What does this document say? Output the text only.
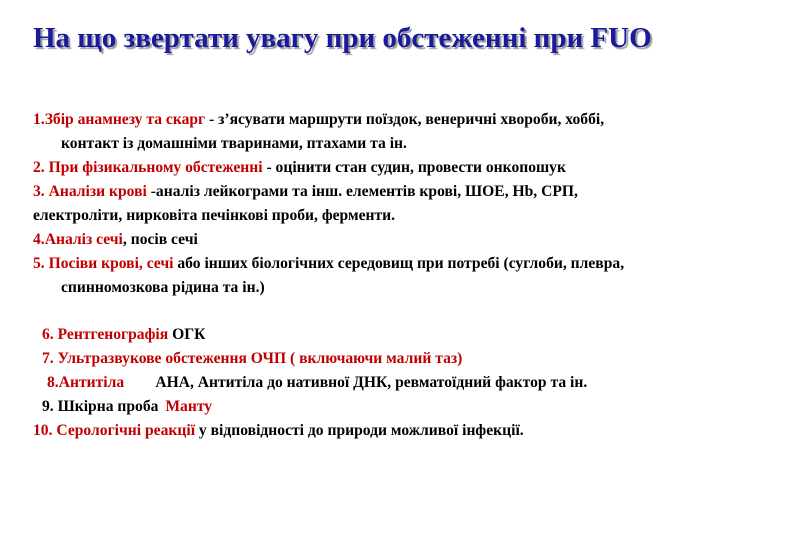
На що звертати увагу при обстеженні при FUO
1.Збір анамнезу та скарг - з’ясувати маршрути поїздок, венеричні хвороби, хоббі,
контакт із домашніми тваринами, птахами та ін.
2. При фізикальному обстеженні - оцінити стан судин, провести онкопошук
3. Аналізи крові -аналіз лейкограми та інш. елементів крові, ШОЕ, Hb, СРП,
електроліти, нирковіта печінкові проби, ферменти.
4.Аналіз сечі, посів сечі
5. Посіви крові, сечі або інших біологічних середовищ при потребі (суглоби, плевра,
спинномозкова рідина та ін.)
6. Рентгенографія ОГК
7. Ультразвукове обстеження ОЧП ( включаючи малий таз)
8.Антитіла        АНА, Антитіла до нативної ДНК, ревматоїдний фактор та ін.
9. Шкірна проба Манту
10. Серологічні реакції у відповідності до природи можливої інфекції.
